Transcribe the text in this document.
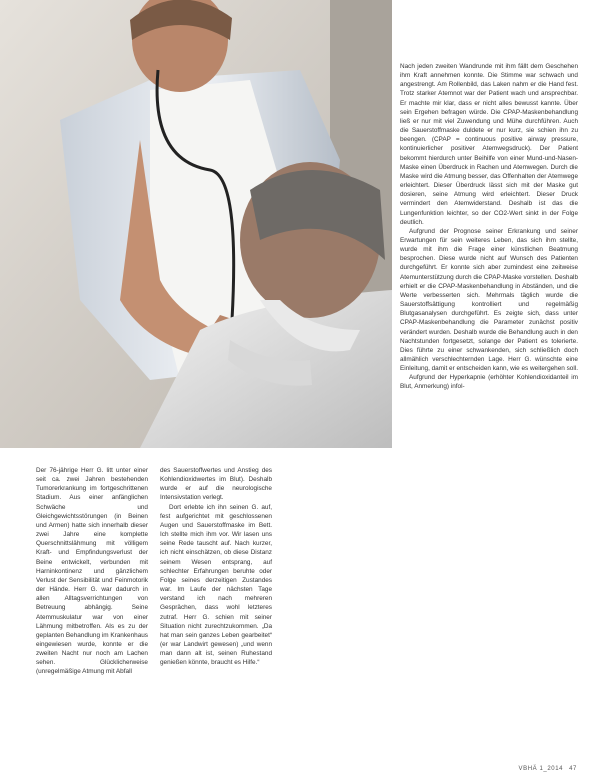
Nach jeden zweiten Wandrunde mit ihm fällt dem Geschehen ihm Kraft annehmen konnte. Die Stimme war schwach und angestrengt. Am Rollenbild, das Laken nahm er die Hand fest. Trotz starker Atemnot war der Patient wach und ansprechbar. Er machte mir klar, dass er nicht alles bewusst kannte. Über sein Ergehen befragen würde. Die CPAP-Maskenbehandlung ließ er nur mit viel Zuwendung und Mühe durchführen. Auch die Sauerstoffmaske duldete er nur kurz, sie schien ihn zu beengen. (CPAP = continuous positive airway pressure, kontinuierlicher positiver Atemwegsdruck). Der Patient bekommt hierdurch unter Beihilfe von einer Mund-und-Nasen-Maske einen Überdruck in Rachen und Atemwegen. Durch die Maske wird die Atmung besser, das Offenhalten der Atemwege erleichtert. Dieser Überdruck lässt sich mit der Maske gut dosieren, seine Atmung wird erleichtert. Dieser Druck vermindert den Atemwiderstand. Deshalb ist das die Lungenfunktion leichter, so der CO2-Wert sinkt in der Folge deutlich.

Aufgrund der Prognose seiner Erkrankung und seiner Erwartungen für sein weiteres Leben, das sich ihm stellte, wurde mit ihm die Frage einer künstlichen Beatmung besprochen. Diese wurde nicht auf Wunsch des Patienten durchgeführt. Er konnte sich aber zumindest eine zeitweise Atemunterstützung durch die CPAP-Maske vorstellen. Deshalb erhielt er die CPAP-Maskenbehandlung in Abständen, und die Werte verbesserten sich. Mehrmals täglich wurde die Sauerstoffsättigung kontrolliert und regelmäßig Blutgasanalysen durchgeführt. Es zeigte sich, dass unter CPAP-Maskenbehandlung die Parameter zunächst positiv verändert wurden. Deshalb wurde die Behandlung auch in den Nachtstunden fortgesetzt, solange der Patient es tolerierte. Dies führte zu einer schwankenden, sich schließlich doch allmählich verschlechternden Lage. Herr G. wünschte eine Einleitung, damit er entscheiden kann, wie es weitergehen soll.

Aufgrund der Hyperkapnie (erhöhter Kohlendioxidanteil im Blut, Anmerkung) infol-

Der 76-jährige Herr G. litt unter einer seit ca. zwei Jahren bestehenden Tumorerkrankung im fortgeschrittenen Stadium. Aus einer anfänglichen Schwäche und Gleichgewichtsstörungen (in Beinen und Armen) hatte sich innerhalb dieser zwei Jahre eine komplette Querschnittslähmung mit völligem Kraft- und Empfindungsverlust der Beine entwickelt, verbunden mit Harninkontinenz und gänzlichem Verlust der Sensibilität und Feinmotorik der Hände. Herr G. war dadurch in allen Alltagsverrichtungen von Betreuung abhängig. Seine Atemmuskulatur war von einer Lähmung mitbetroffen. Als es zu der geplanten Behandlung im Krankenhaus eingewiesen wurde, konnte er die zweiten Nacht nur noch am Lachen sehen. Glücklicherweise (unregelmäßige Atmung mit Abfall

des Sauerstoffwertes und Anstieg des Kohlendioxidwertes im Blut). Deshalb wurde er auf die neurologische Intensivstation verlegt.

Dort erlebte ich ihn seinen G. auf, fest aufgerichtet mit geschlossenen Augen und Sauerstoffmaske im Bett. Ich stellte mich ihm vor. Wir lasen uns seine Rede tauscht auf. Nach kurzer, ich nicht einschätzen, ob diese Distanz seinem Wesen entsprang, auf schlechter Erfahrungen beruhte oder Folge seines derzeitigen Zustandes war. Im Laufe der nächsten Tage verstand ich nach mehreren Gesprächen, dass wohl letzteres zutraf. Herr G. schien mit seiner Situation nicht zurechtzukommen. „Da hat man sein ganzes Leben gearbeitet“ (er war Landwirt gewesen) „und wenn man dann alt ist, seinen Ruhestand genießen könnte, braucht es Hilfe.“

VBHÄ 1_2014 47
